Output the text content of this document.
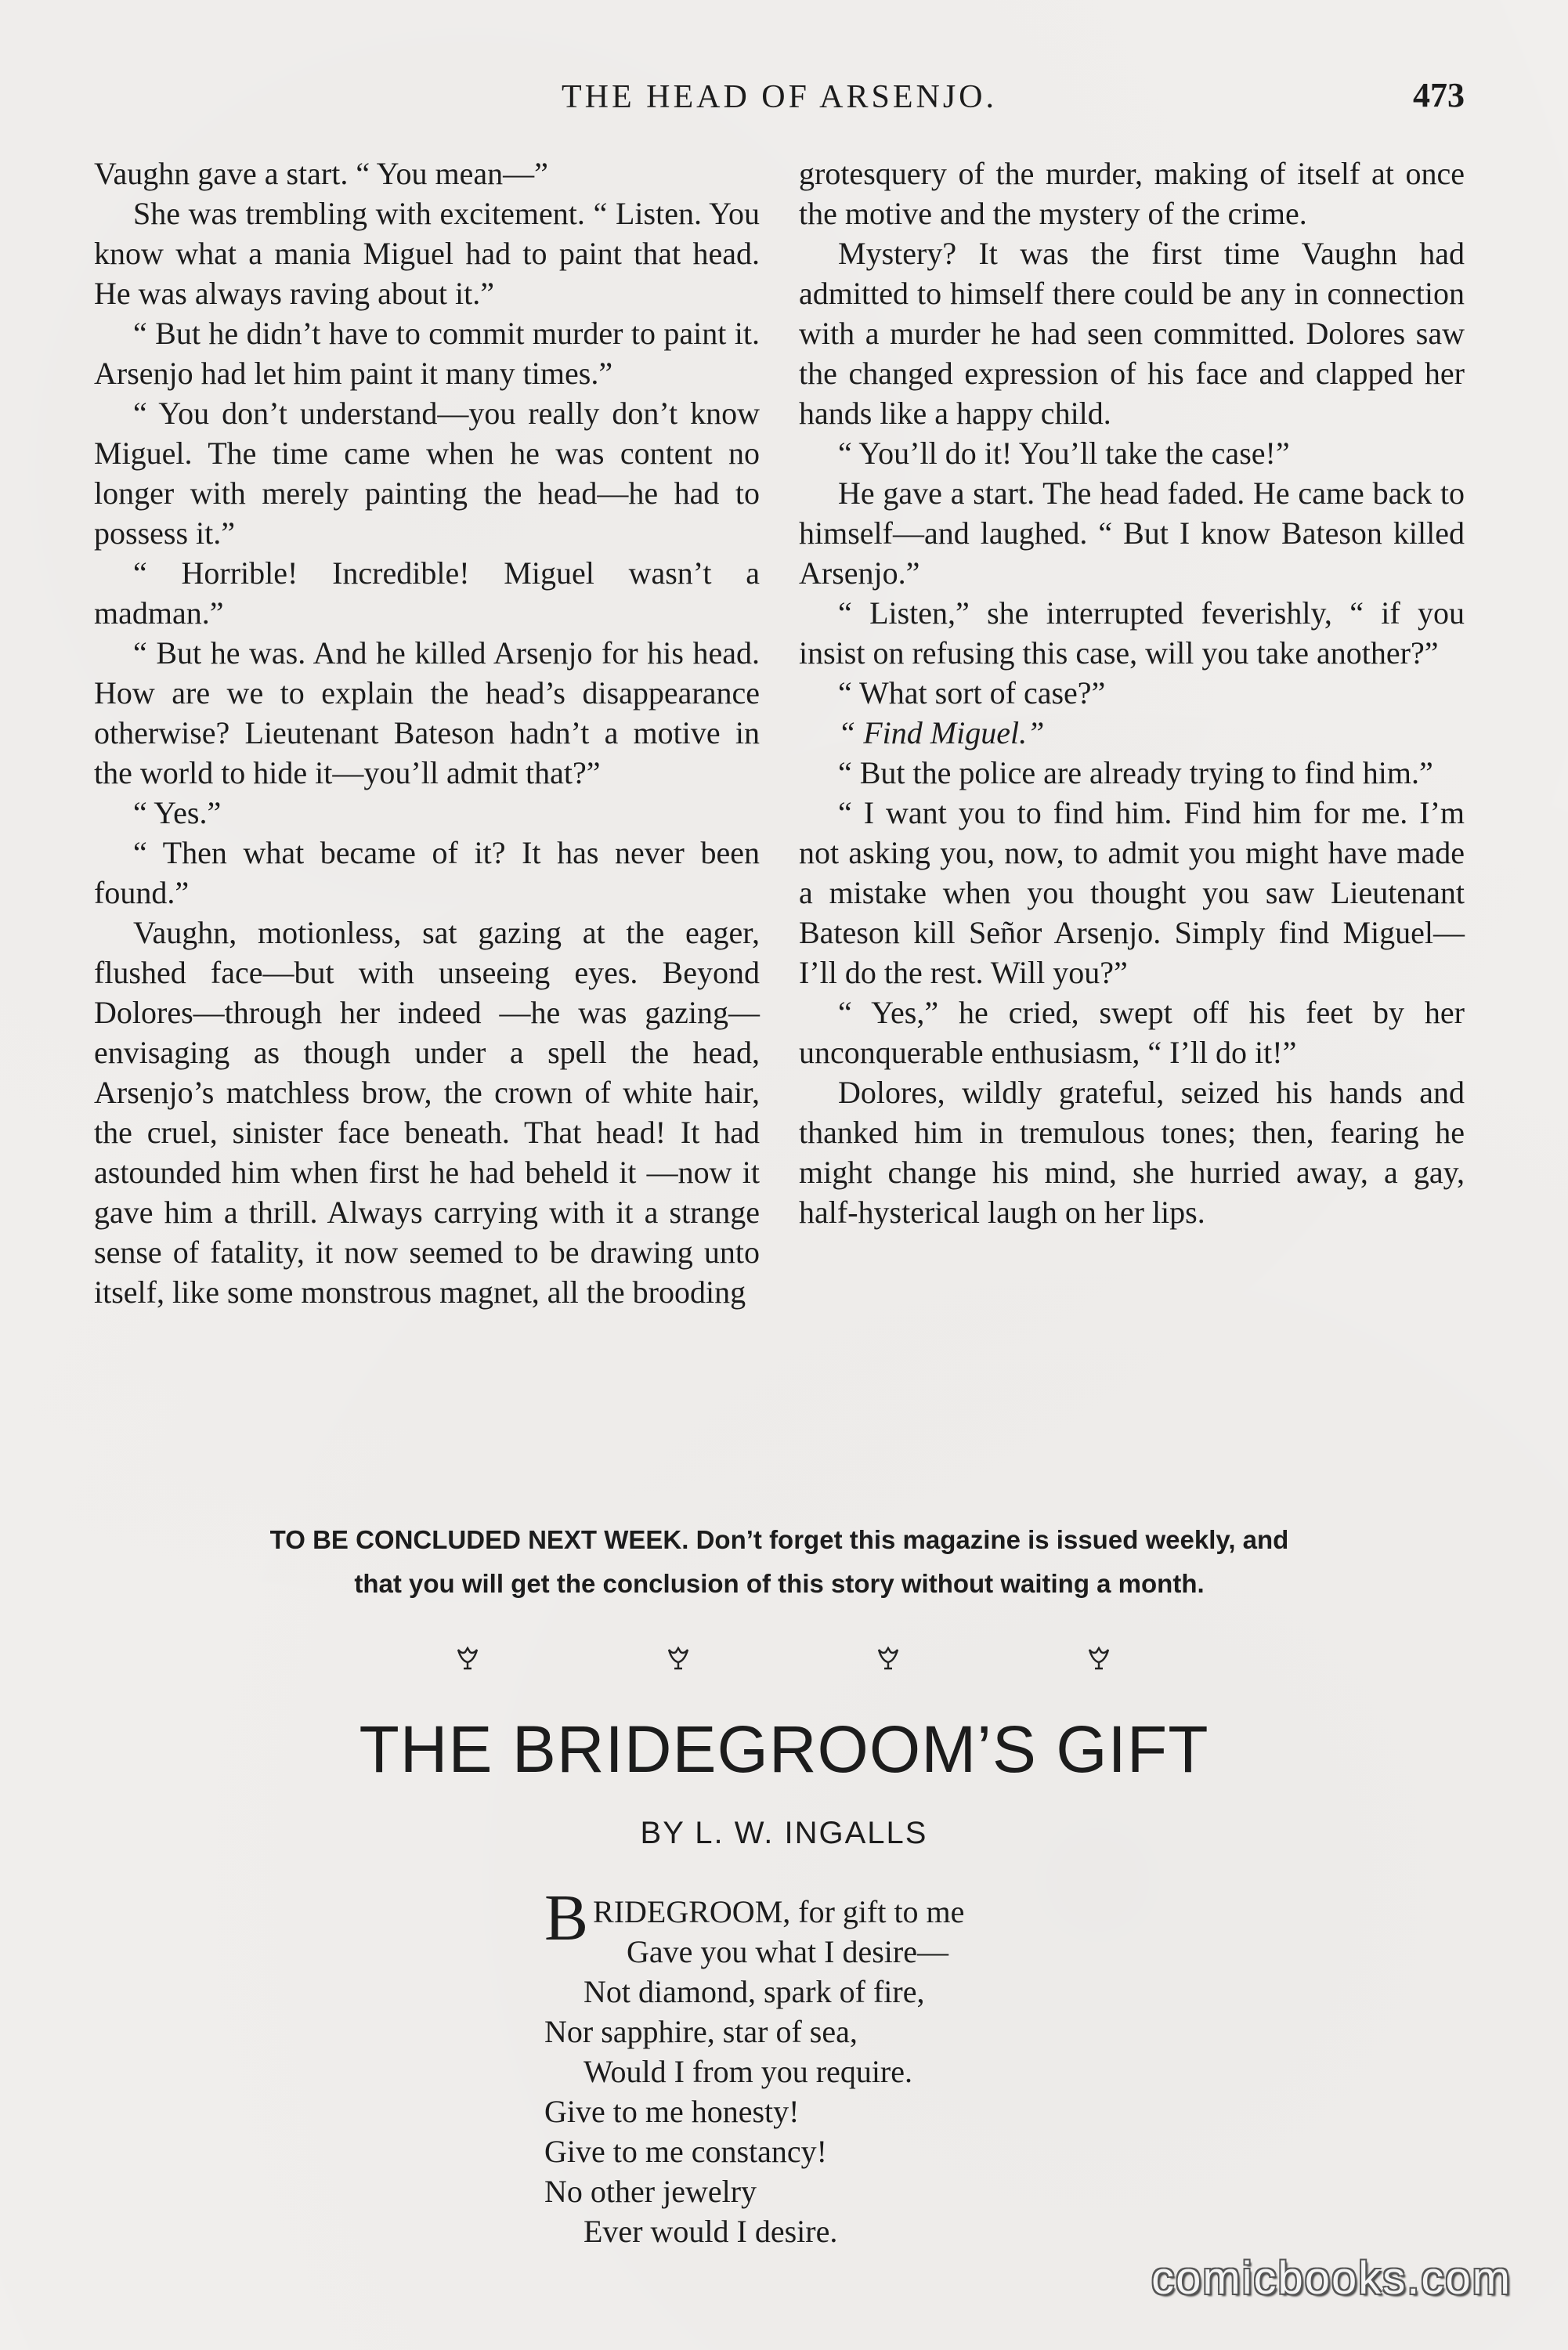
THE HEAD OF ARSENJO.	473

Vaughn gave a start. “ You mean—”

She was trembling with excitement. “ Listen. You know what a mania Miguel had to paint that head. He was always raving about it.”

“ But he didn’t have to commit murder to paint it. Arsenjo had let him paint it many times.”

“ You don’t understand—you really don’t know Miguel. The time came when he was content no longer with merely painting the head—he had to possess it.”

“ Horrible! Incredible! Miguel wasn’t a madman.”

“ But he was. And he killed Arsenjo for his head. How are we to explain the head’s disappearance otherwise? Lieutenant Bateson hadn’t a motive in the world to hide it—you’ll admit that?”

“ Yes.”

“ Then what became of it? It has never been found.”

Vaughn, motionless, sat gazing at the eager, flushed face—but with unseeing eyes. Beyond Dolores—through her indeed —he was gazing—envisaging as though under a spell the head, Arsenjo’s matchless brow, the crown of white hair, the cruel, sinister face beneath. That head! It had astounded him when first he had beheld it —now it gave him a thrill. Always carrying with it a strange sense of fatality, it now seemed to be drawing unto itself, like some monstrous magnet, all the brooding

grotesquery of the murder, making of itself at once the motive and the mystery of the crime.

Mystery? It was the first time Vaughn had admitted to himself there could be any in connection with a murder he had seen committed. Dolores saw the changed expression of his face and clapped her hands like a happy child.

“ You’ll do it! You’ll take the case!”

He gave a start. The head faded. He came back to himself—and laughed. “ But I know Bateson killed Arsenjo.”

“ Listen,” she interrupted feverishly, “ if you insist on refusing this case, will you take another?”

“ What sort of case?”

“ Find Miguel.”

“ But the police are already trying to find him.”

“ I want you to find him. Find him for me. I’m not asking you, now, to admit you might have made a mistake when you thought you saw Lieutenant Bateson kill Señor Arsenjo. Simply find Miguel—I’ll do the rest. Will you?”

“ Yes,” he cried, swept off his feet by her unconquerable enthusiasm, “ I’ll do it!”

Dolores, wildly grateful, seized his hands and thanked him in tremulous tones; then, fearing he might change his mind, she hurried away, a gay, half-hysterical laugh on her lips.

TO BE CONCLUDED NEXT WEEK. Don’t forget this magazine is issued weekly, and
that you will get the conclusion of this story without waiting a month.
THE BRIDEGROOM’S GIFT
BY L. W. INGALLS
BRIDEGROOM, for gift to me
Gave you what I desire—
Not diamond, spark of fire,
Nor sapphire, star of sea,
Would I from you require.
Give to me honesty!
Give to me constancy!
No other jewelry
Ever would I desire.
comicbooks.com
